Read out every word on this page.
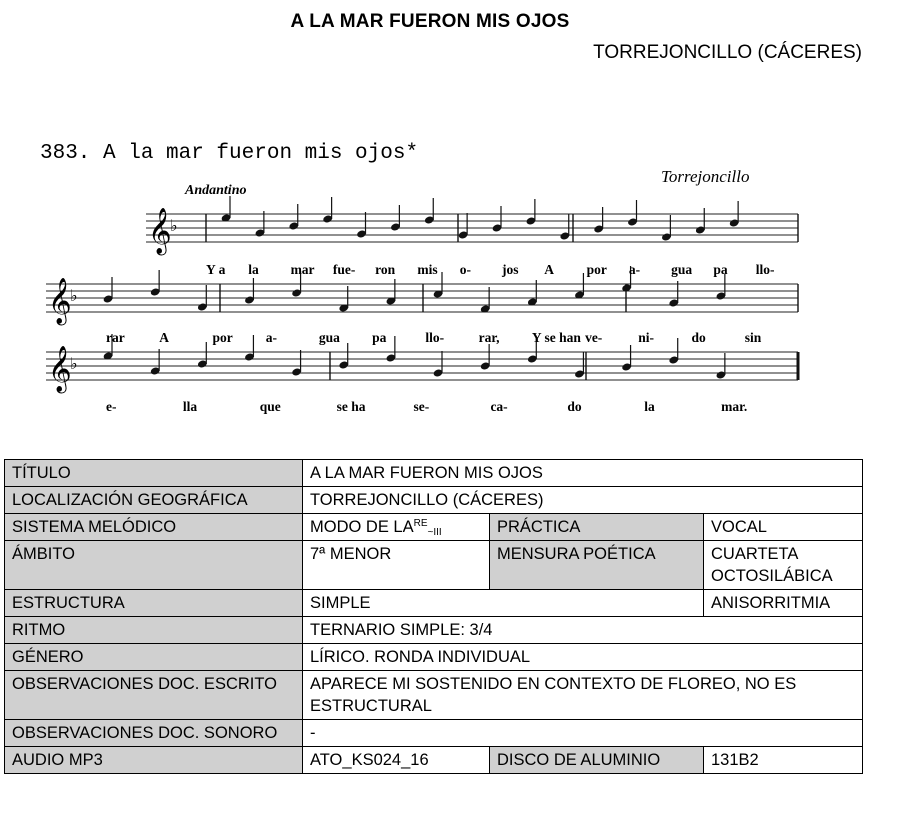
A LA MAR FUERON MIS OJOS
TORREJONCILLO (CÁCERES)
383. A la mar fueron mis ojos*
Torrejoncillo
Andantino
𝄞
♭
𝄞
♭
𝄞
♭
Y a la mar fue- ron mis o- jos A por a- gua pa llo-
rar	A	por a-	gua pa	llo-	rar, Y se han ve-	ni-	do	sin
e-	lla	que	se ha	se-	ca-	do	la	mar.
TÍTULO	A LA MAR FUERON MIS OJOS		
LOCALIZACIÓN GEOGRÁFICA	TORREJONCILLO (CÁCERES)		
SISTEMA MELÓDICO	MODO DE $LA^{RE}_{\sim III}$	PRÁCTICA	VOCAL
ÁMBITO	7ª MENOR	MENSURA POÉTICA	CUARTETA OCTOSILÁBICA
ESTRUCTURA	SIMPLE		ANISORRITMIA
RITMO	TERNARIO SIMPLE: 3/4		
GÉNERO	LÍRICO. RONDA INDIVIDUAL		
OBSERVACIONES DOC. ESCRITO	APARECE MI SOSTENIDO EN CONTEXTO DE FLOREO, NO ES ESTRUCTURAL		
OBSERVACIONES DOC. SONORO	-		
AUDIO MP3	ATO_KS024_16	DISCO DE ALUMINIO	131B2
